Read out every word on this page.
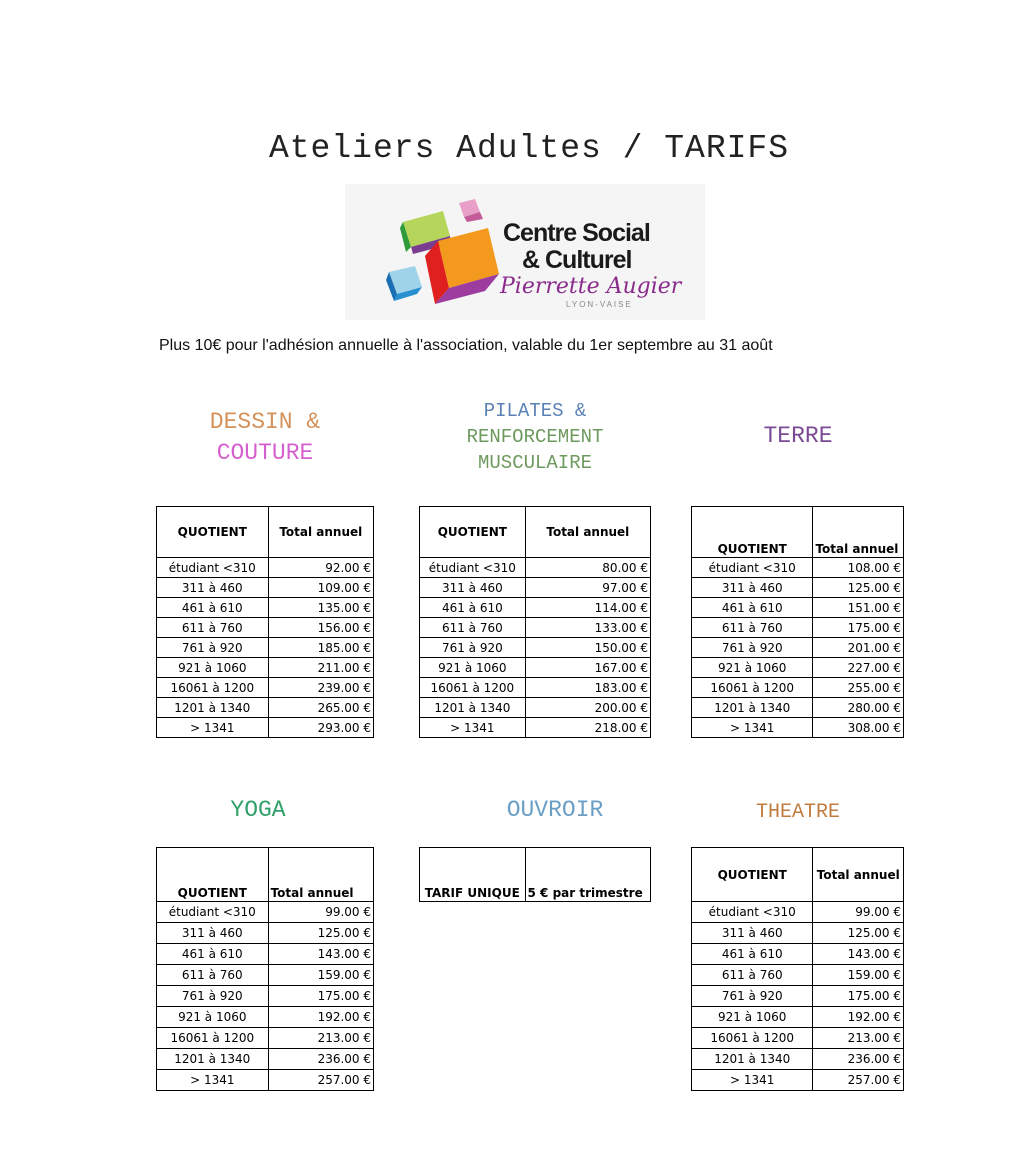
Ateliers Adultes / TARIFS
Centre Social
& Culturel
Pierrette Augier
LYON-VAISE
Plus 10€ pour l'adhésion annuelle à l'association, valable du 1er septembre au 31 août
DESSIN &
COUTURE
PILATES &
RENFORCEMENT
MUSCULAIRE
TERRE
YOGA	OUVROIR	THEATRE
QUOTIENT	Total annuel
étudiant <310	92.00 €
311 à 460	109.00 €
461 à 610	135.00 €
611 à 760	156.00 €
761 à 920	185.00 €
921 à 1060	211.00 €
16061 à 1200	239.00 €
1201 à 1340	265.00 €
> 1341	293.00 €
QUOTIENT	Total annuel
étudiant <310	80.00 €
311 à 460	97.00 €
461 à 610	114.00 €
611 à 760	133.00 €
761 à 920	150.00 €
921 à 1060	167.00 €
16061 à 1200	183.00 €
1201 à 1340	200.00 €
> 1341	218.00 €
QUOTIENT	Total annuel
étudiant <310	108.00 €
311 à 460	125.00 €
461 à 610	151.00 €
611 à 760	175.00 €
761 à 920	201.00 €
921 à 1060	227.00 €
16061 à 1200	255.00 €
1201 à 1340	280.00 €
> 1341	308.00 €
QUOTIENT	Total annuel
étudiant <310	99.00 €
311 à 460	125.00 €
461 à 610	143.00 €
611 à 760	159.00 €
761 à 920	175.00 €
921 à 1060	192.00 €
16061 à 1200	213.00 €
1201 à 1340	236.00 €
> 1341	257.00 €
TARIF UNIQUE	5 € par trimestre
QUOTIENT	Total annuel
étudiant <310	99.00 €
311 à 460	125.00 €
461 à 610	143.00 €
611 à 760	159.00 €
761 à 920	175.00 €
921 à 1060	192.00 €
16061 à 1200	213.00 €
1201 à 1340	236.00 €
> 1341	257.00 €
